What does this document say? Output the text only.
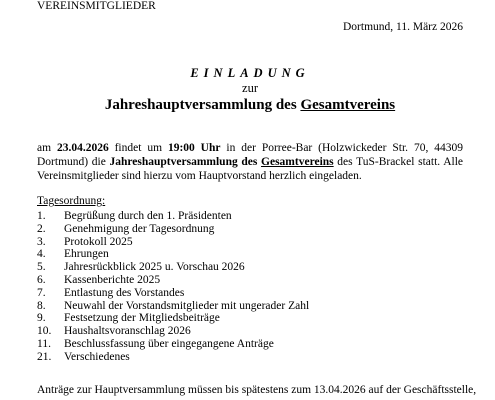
VEREINSMITGLIEDER
Dortmund, 11. März 2026
EINLADUNG
zur
Jahreshauptversammlung des Gesamtvereins
am 23.04.2026 findet um 19:00 Uhr in der Porree-Bar (Holzwickeder Str. 70, 44309 Dortmund) die Jahreshauptversammlung des Gesamtvereins des TuS-Brackel statt. Alle Vereinsmitglieder sind hierzu vom Hauptvorstand herzlich eingeladen.
Tagesordnung:
1. Begrüßung durch den 1. Präsidenten
2. Genehmigung der Tagesordnung
3. Protokoll 2025
4. Ehrungen
5. Jahresrückblick 2025 u. Vorschau 2026
6. Kassenberichte 2025
7. Entlastung des Vorstandes
8. Neuwahl der Vorstandsmitglieder mit ungerader Zahl
9. Festsetzung der Mitgliedsbeiträge
10. Haushaltsvoranschlag 2026
11. Beschlussfassung über eingegangene Anträge
21. Verschiedenes
Anträge zur Hauptversammlung müssen bis spätestens zum 13.04.2026 auf der Geschäftsstelle,
